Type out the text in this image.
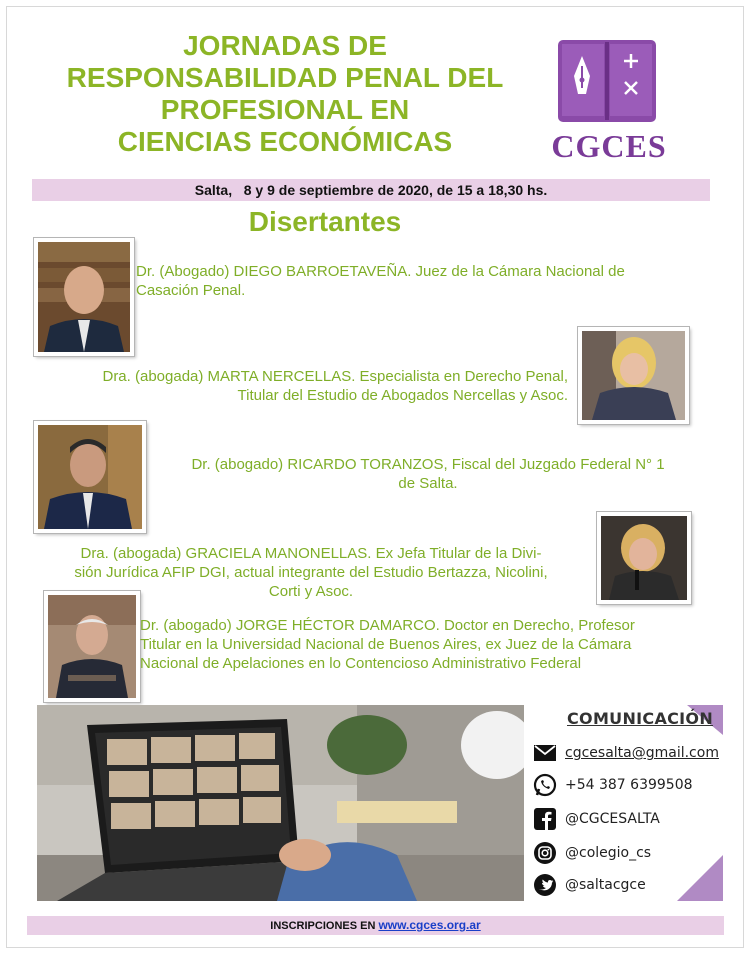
JORNADAS DE
RESPONSABILIDAD PENAL DEL
PROFESIONAL EN
CIENCIAS ECONÓMICAS	CGCES
Salta,   8 y 9 de septiembre de 2020, de 15 a 18,30 hs.
Disertantes
Dr. (Abogado) DIEGO BARROETAVEÑA. Juez de la Cámara Nacional de
Casación Penal.
Dra. (abogada) MARTA NERCELLAS. Especialista en Derecho Penal,
Titular del Estudio de Abogados Nercellas y Asoc.
Dr. (abogado) RICARDO TORANZOS, Fiscal del Juzgado Federal N° 1
de Salta.
Dra. (abogada) GRACIELA MANONELLAS. Ex Jefa Titular de la Divi-
sión Jurídica AFIP DGI, actual integrante del Estudio Bertazza, Nicolini,
Corti y Asoc.
Dr. (abogado) JORGE HÉCTOR DAMARCO. Doctor en Derecho, Profesor
Titular en la Universidad Nacional de Buenos Aires, ex Juez de la Cámara
Nacional de Apelaciones en lo Contencioso Administrativo Federal
COMUNICACIÓN
cgcesalta@gmail.com
+54 387 6399508
@CGCESALTA
@colegio_cs
@saltacgce
INSCRIPCIONES EN www.cgces.org.ar
